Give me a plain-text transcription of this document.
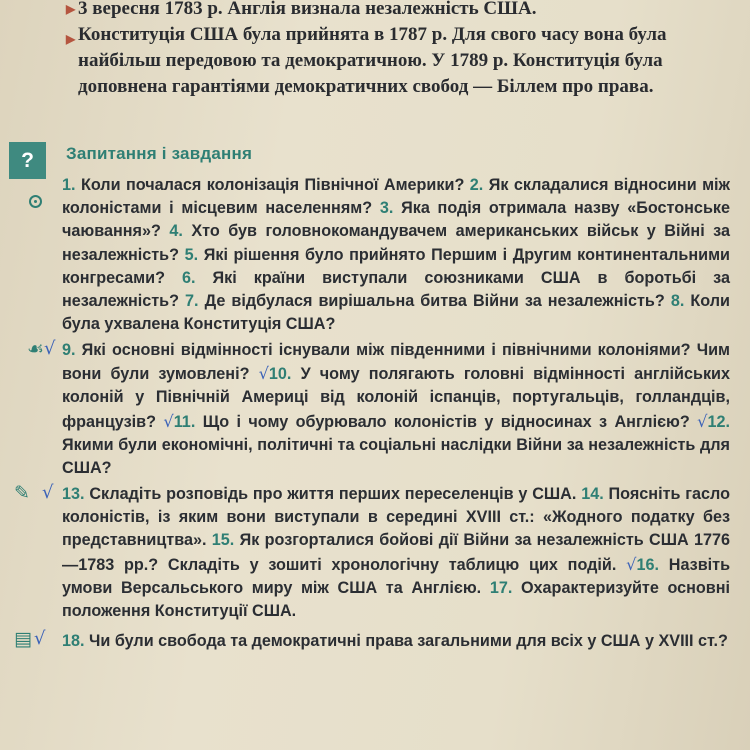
▶ 3 вересня 1783 р. Англія визнала незалежність США.

▶ Конституція США була прийнята в 1787 р. Для свого часу вона була найбільш передовою та демократичною. У 1789 р. Конституція була доповнена гарантіями демократичних свобод — Біллем про права.

?	Запитання і завдання
1. Коли почалася колонізація Північної Америки? 2. Як складалися відносини між колоністами і місцевим населенням? 3. Яка подія отримала назву «Бостонське чаювання»? 4. Хто був головнокомандувачем американських військ у Війні за незалежність? 5. Які рішення було прийнято Першим і Другим континентальними конгресами? 6. Які країни виступали союзниками США в боротьбі за незалежність? 7. Де відбулася вирішальна битва Війни за незалежність? 8. Коли була ухвалена Конституція США?
☙ √ 9. Які основні відмінності існували між південними і північними колоніями? Чим вони були зумовлені? √10. У чому полягають головні відмінності англійських колоній у Північній Америці від колоній іспанців, португальців, голландців, французів? √11. Що і чому обурювало колоністів у відносинах з Англією? √12. Якими були економічні, політичні та соціальні наслідки Війни за незалежність для США?
✎ √ 13. Складіть розповідь про життя перших переселенців у США. 14. Поясніть гасло колоністів, із яким вони виступали в середині XVIII ст.: «Жодного податку без представництва». 15. Як розгорталися бойові дії Війни за незалежність США 1776—1783 рр.? Складіть у зошиті хронологічну таблицю цих подій. √16. Назвіть умови Версальського миру між США та Англією. 17. Охарактеризуйте основні положення Конституції США.
▤ √ 18. Чи були свобода та демократичні права загальними для всіх у США у XVIII ст.?
